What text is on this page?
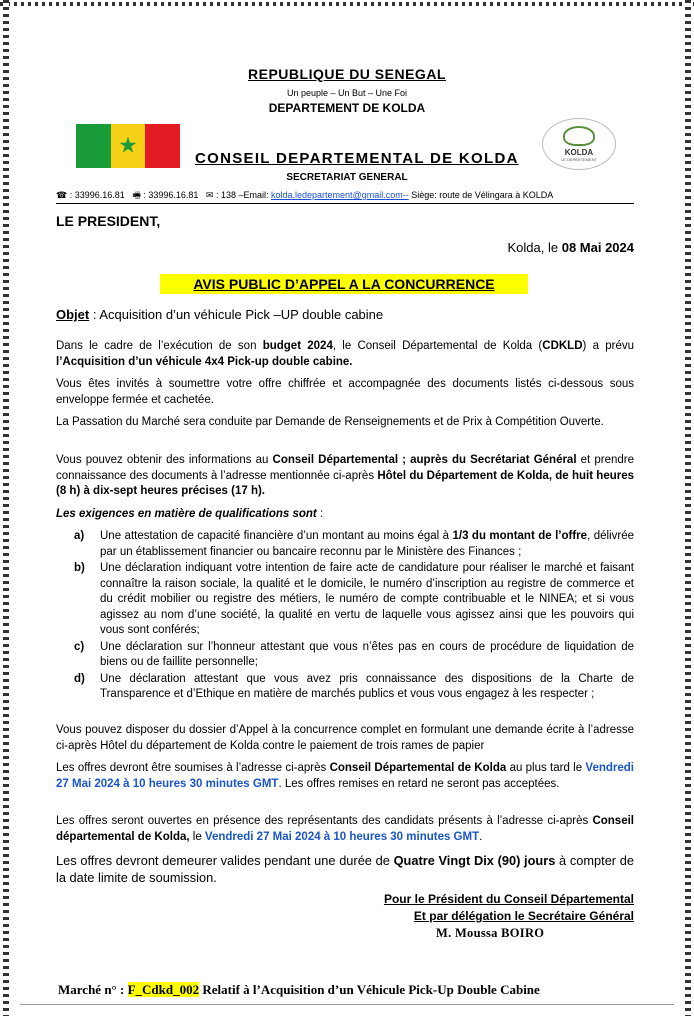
REPUBLIQUE DU SENEGAL
Un peuple – Un But – Une Foi
DEPARTEMENT DE KOLDA
★
CONSEIL DEPARTEMENTAL DE KOLDA	KOLDA
LE DEPARTEMENT
SECRETARIAT GENERAL
☎ : 33996.16.81 🖷 : 33996.16.81 ✉ : 138 –Email: kolda.ledepartement@gmail.com-- Siège: route de Vélingara à KOLDA
LE PRESIDENT,
Kolda, le 08 Mai 2024
AVIS PUBLIC D’APPEL A LA CONCURRENCE
Objet : Acquisition d’un véhicule Pick –UP double cabine
Dans le cadre de l’exécution de son budget 2024, le Conseil Départemental de Kolda (CDKLD) a prévu l’Acquisition d’un véhicule 4x4 Pick-up double cabine.
Vous êtes invités à soumettre votre offre chiffrée et accompagnée des documents listés ci-dessous sous enveloppe fermée et cachetée.
La Passation du Marché sera conduite par Demande de Renseignements et de Prix à Compétition Ouverte.
Vous pouvez obtenir des informations au Conseil Départemental ; auprès du Secrétariat Général et prendre connaissance des documents à l’adresse mentionnée ci-après Hôtel du Département de Kolda, de huit heures (8 h) à dix-sept heures précises (17 h).
Les exigences en matière de qualifications sont :
a)	Une attestation de capacité financière d’un montant au moins égal à 1/3 du montant de l’offre, délivrée par un établissement financier ou bancaire reconnu par le Ministère des Finances ;
b)	Une déclaration indiquant votre intention de faire acte de candidature pour réaliser le marché et faisant connaître la raison sociale, la qualité et le domicile, le numéro d’inscription au registre de commerce et du crédit mobilier ou registre des métiers, le numéro de compte contribuable et le NINEA; et si vous agissez au nom d’une société, la qualité en vertu de laquelle vous agissez ainsi que les pouvoirs qui vous sont conférés;
c)	Une déclaration sur l’honneur attestant que vous n’êtes pas en cours de procédure de liquidation de biens ou de faillite personnelle;
d)	Une déclaration attestant que vous avez pris connaissance des dispositions de la Charte de Transparence et d’Ethique en matière de marchés publics et vous vous engagez à les respecter ;
Vous pouvez disposer du dossier d’Appel à la concurrence complet en formulant une demande écrite à l’adresse ci-après Hôtel du département de Kolda contre le paiement de trois rames de papier
Les offres devront être soumises à l’adresse ci-après Conseil Départemental de Kolda au plus tard le Vendredi 27 Mai 2024 à 10 heures 30 minutes GMT. Les offres remises en retard ne seront pas acceptées.
Les offres seront ouvertes en présence des représentants des candidats présents à l’adresse ci-après Conseil départemental de Kolda, le Vendredi 27 Mai 2024 à 10 heures 30 minutes GMT.
Les offres devront demeurer valides pendant une durée de Quatre Vingt Dix (90) jours à compter de la date limite de soumission.
Pour le Président du Conseil Départemental
Et par délégation le Secrétaire Général
M. Moussa BOIRO
Marché n° : F_Cdkd_002 Relatif à l’Acquisition d’un Véhicule Pick-Up Double Cabine
